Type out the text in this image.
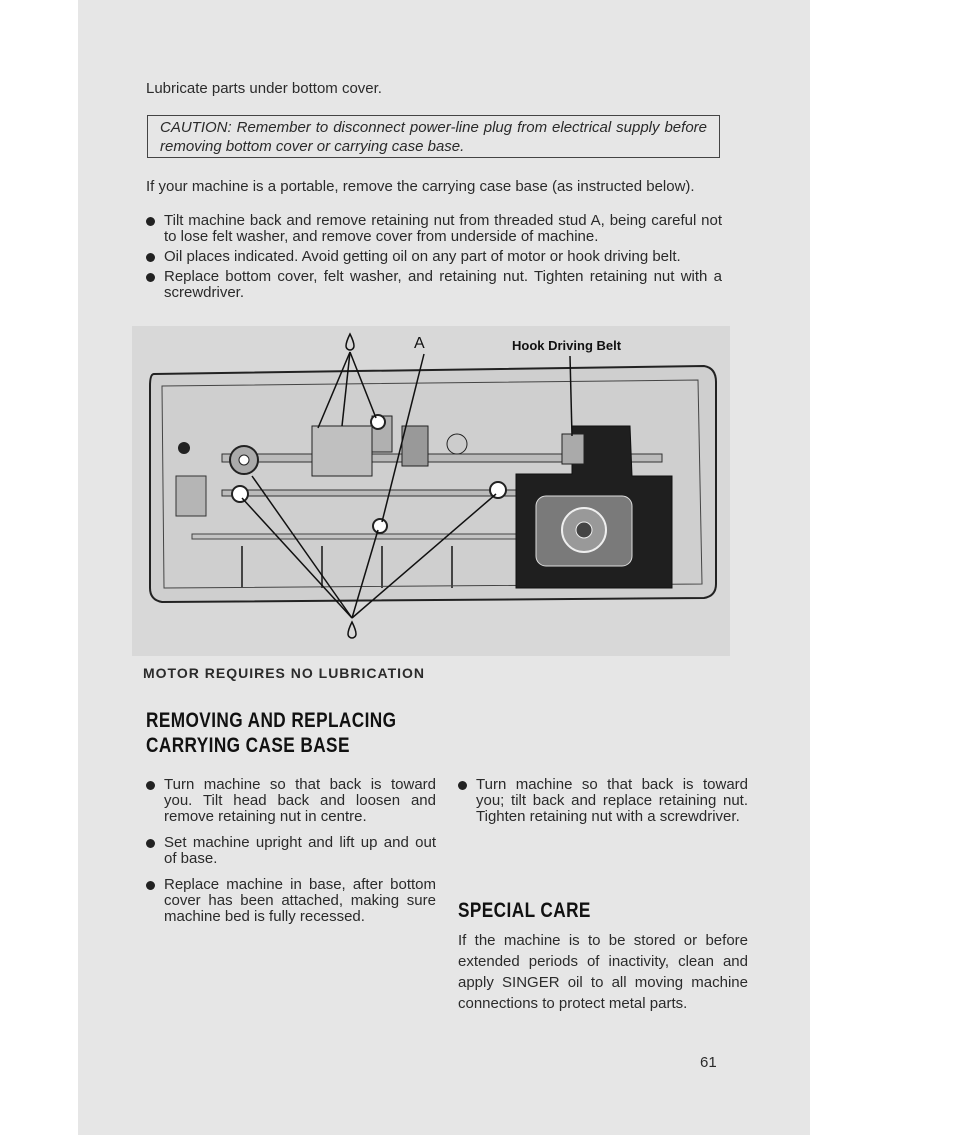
Lubricate parts under bottom cover.
CAUTION: Remember to disconnect power-line plug from electrical supply before removing bottom cover or carrying case base.
If your machine is a portable, remove the carrying case base (as instructed below).
Tilt machine back and remove retaining nut from threaded stud A, being careful not to lose felt washer, and remove cover from underside of machine.
Oil places indicated. Avoid getting oil on any part of motor or hook driving belt.
Replace bottom cover, felt washer, and retaining nut. Tighten retaining nut with a screwdriver.
A	Hook Driving Belt
MOTOR REQUIRES NO LUBRICATION
REMOVING AND REPLACING
CARRYING CASE BASE
Turn machine so that back is toward you. Tilt head back and loosen and remove retaining nut in centre.
Set machine upright and lift up and out of base.
Replace machine in base, after bottom cover has been attached, making sure machine bed is fully recessed.
Turn machine so that back is toward you; tilt back and replace retaining nut. Tighten retaining nut with a screwdriver.
SPECIAL CARE
If the machine is to be stored or before extended periods of inactivity, clean and apply SINGER oil to all moving machine connections to protect metal parts.
61
